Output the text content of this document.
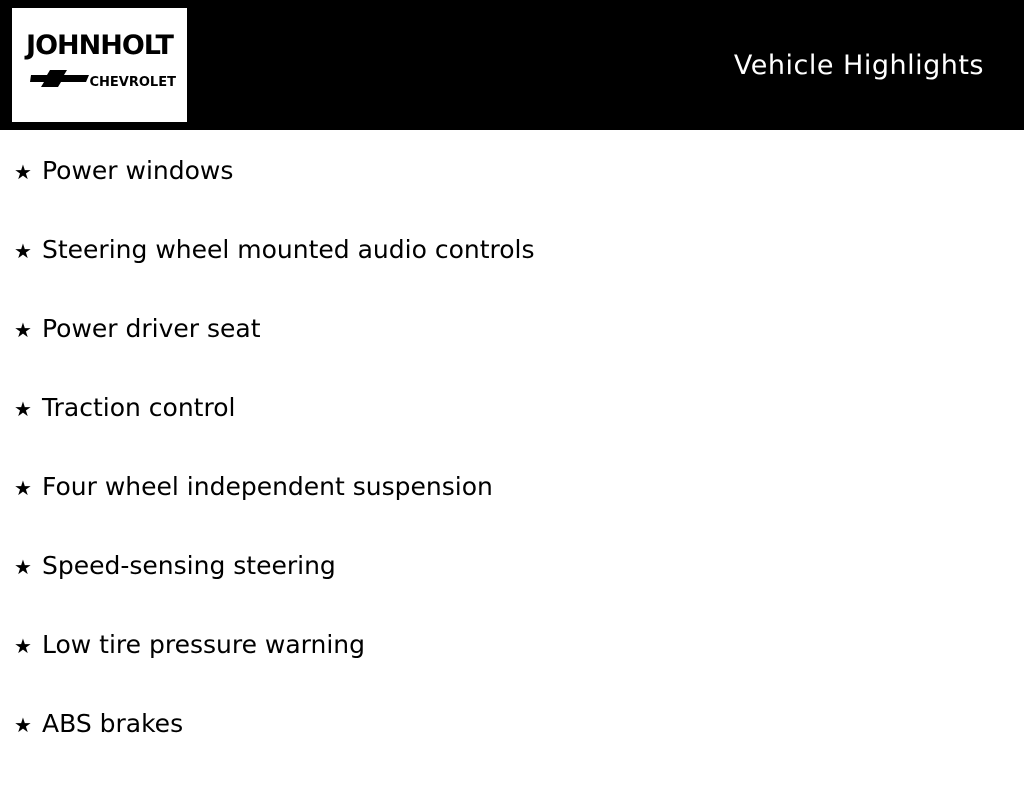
JOHNHOLT
CHEVROLET
Vehicle Highlights
★ Power windows
★ Steering wheel mounted audio controls
★ Power driver seat
★ Traction control
★ Four wheel independent suspension
★ Speed-sensing steering
★ Low tire pressure warning
★ ABS brakes
